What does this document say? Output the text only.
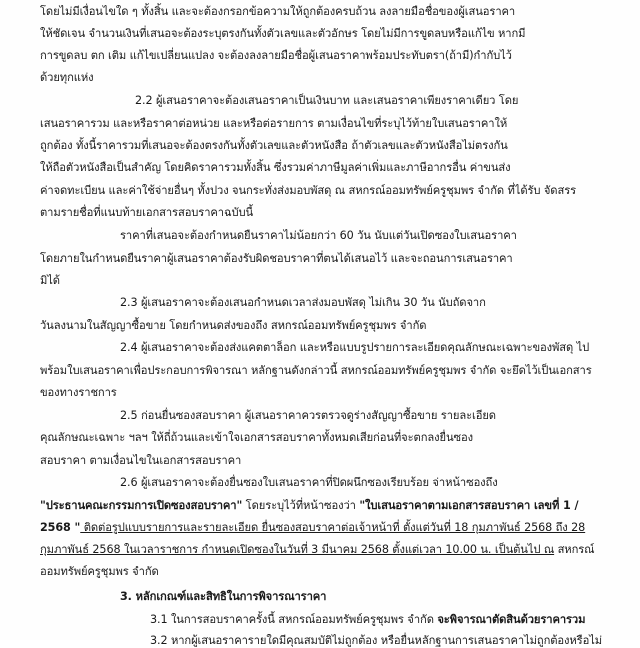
โดยไม่มีเงื่อนไขใด ๆ ทั้งสิ้น และจะต้องกรอกข้อความให้ถูกต้องครบถ้วน ลงลายมือชื่อของผู้เสนอราคา
ให้ชัดเจน จำนวนเงินที่เสนอจะต้องระบุตรงกันทั้งตัวเลขและตัวอักษร โดยไม่มีการขูดลบหรือแก้ไข หากมี
การขูดลบ ตก เติม แก้ไขเปลี่ยนแปลง จะต้องลงลายมือชื่อผู้เสนอราคาพร้อมประทับตรา(ถ้ามี)กำกับไว้
ด้วยทุกแห่ง
2.2 ผู้เสนอราคาจะต้องเสนอราคาเป็นเงินบาท และเสนอราคาเพียงราคาเดียว โดย
เสนอราคารวม และหรือราคาต่อหน่วย และหรือต่อรายการ ตามเงื่อนไขที่ระบุไว้ท้ายใบเสนอราคาให้
ถูกต้อง ทั้งนี้ราคารวมที่เสนอจะต้องตรงกันทั้งตัวเลขและตัวหนังสือ ถ้าตัวเลขและตัวหนังสือไม่ตรงกัน
ให้ถือตัวหนังสือเป็นสำคัญ โดยคิดราคารวมทั้งสิ้น ซึ่งรวมค่าภาษีมูลค่าเพิ่มและภาษีอากรอื่น ค่าขนส่ง
ค่าจดทะเบียน และค่าใช้จ่ายอื่นๆ ทั้งปวง จนกระทั่งส่งมอบพัสดุ ณ สหกรณ์ออมทรัพย์ครูชุมพร จำกัด ที่ได้รับ จัดสรร
ตามรายชื่อที่แนบท้ายเอกสารสอบราคาฉบับนี้
ราคาที่เสนอจะต้องกำหนดยืนราคาไม่น้อยกว่า 60 วัน นับแต่วันเปิดซองใบเสนอราคา
โดยภายในกำหนดยืนราคาผู้เสนอราคาต้องรับผิดชอบราคาที่ตนได้เสนอไว้ และจะถอนการเสนอราคา
มิได้
2.3 ผู้เสนอราคาจะต้องเสนอกำหนดเวลาส่งมอบพัสดุ ไม่เกิน 30 วัน นับถัดจาก
วันลงนามในสัญญาซื้อขาย โดยกำหนดส่งของถึง สหกรณ์ออมทรัพย์ครูชุมพร จำกัด
2.4 ผู้เสนอราคาจะต้องส่งแคตตาล็อก และหรือแบบรูปรายการละเอียดคุณลักษณะเฉพาะของพัสดุ ไป
พร้อมใบเสนอราคาเพื่อประกอบการพิจารณา หลักฐานดังกล่าวนี้ สหกรณ์ออมทรัพย์ครูชุมพร จำกัด จะยึดไว้เป็นเอกสาร
ของทางราชการ
2.5 ก่อนยื่นซองสอบราคา ผู้เสนอราคาควรตรวจดูร่างสัญญาซื้อขาย รายละเอียด
คุณลักษณะเฉพาะ ฯลฯ ให้ถี่ถ้วนและเข้าใจเอกสารสอบราคาทั้งหมดเสียก่อนที่จะตกลงยื่นซอง
สอบราคา ตามเงื่อนไขในเอกสารสอบราคา
2.6 ผู้เสนอราคาจะต้องยื่นซองใบเสนอราคาที่ปิดผนึกซองเรียบร้อย จ่าหน้าซองถึง
"ประธานคณะกรรมการเปิดซองสอบราคา" โดยระบุไว้ที่หน้าซองว่า "ใบเสนอราคาตามเอกสารสอบราคา เลขที่ 1 /
2568 " ติดต่อรูปแบบรายการและรายละเอียด ยื่นซองสอบราคาต่อเจ้าหน้าที่ ตั้งแต่วันที่ 18 กุมภาพันธ์ 2568 ถึง 28
กุมภาพันธ์ 2568 ในเวลาราชการ กำหนดเปิดซองในวันที่ 3 มีนาคม 2568 ตั้งแต่เวลา 10.00 น. เป็นต้นไป ณ สหกรณ์
ออมทรัพย์ครูชุมพร จำกัด
3. หลักเกณฑ์และสิทธิในการพิจารณาราคา
3.1 ในการสอบราคาครั้งนี้ สหกรณ์ออมทรัพย์ครูชุมพร จำกัด จะพิจารณาตัดสินด้วยราคารวม
3.2 หากผู้เสนอราคารายใดมีคุณสมบัติไม่ถูกต้อง หรือยื่นหลักฐานการเสนอราคาไม่ถูกต้องหรือไม่
